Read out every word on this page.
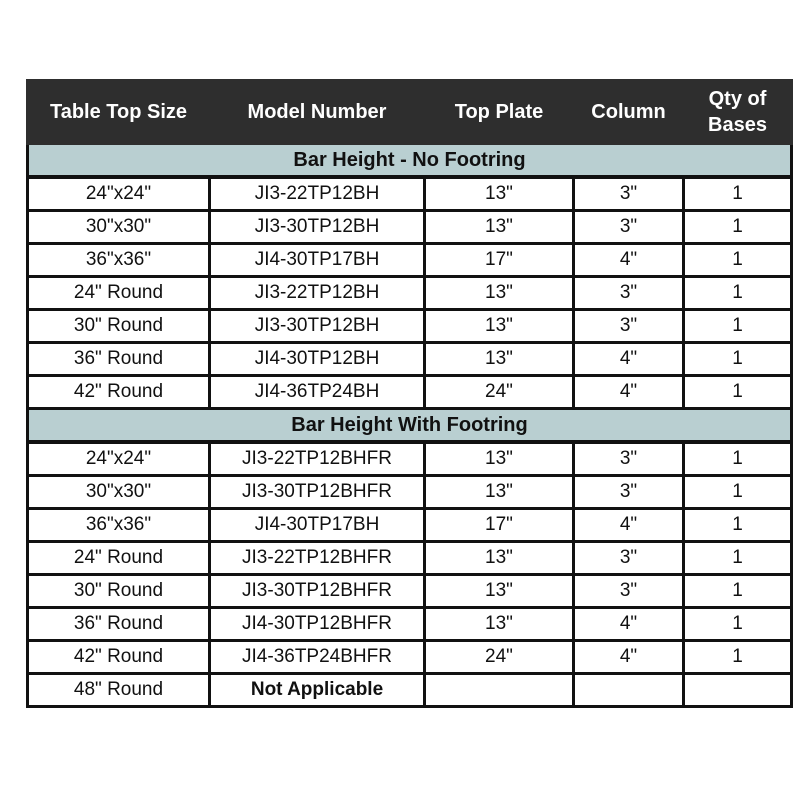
Table Top Size	Model Number	Top Plate	Column	Qty of Bases
Bar Height - No Footring				
24"x24"	JI3-22TP12BH	13"	3"	1
30"x30"	JI3-30TP12BH	13"	3"	1
36"x36"	JI4-30TP17BH	17"	4"	1
24" Round	JI3-22TP12BH	13"	3"	1
30" Round	JI3-30TP12BH	13"	3"	1
36" Round	JI4-30TP12BH	13"	4"	1
42" Round	JI4-36TP24BH	24"	4"	1
Bar Height With Footring				
24"x24"	JI3-22TP12BHFR	13"	3"	1
30"x30"	JI3-30TP12BHFR	13"	3"	1
36"x36"	JI4-30TP17BH	17"	4"	1
24" Round	JI3-22TP12BHFR	13"	3"	1
30" Round	JI3-30TP12BHFR	13"	3"	1
36" Round	JI4-30TP12BHFR	13"	4"	1
42" Round	JI4-36TP24BHFR	24"	4"	1
48" Round	Not Applicable			
